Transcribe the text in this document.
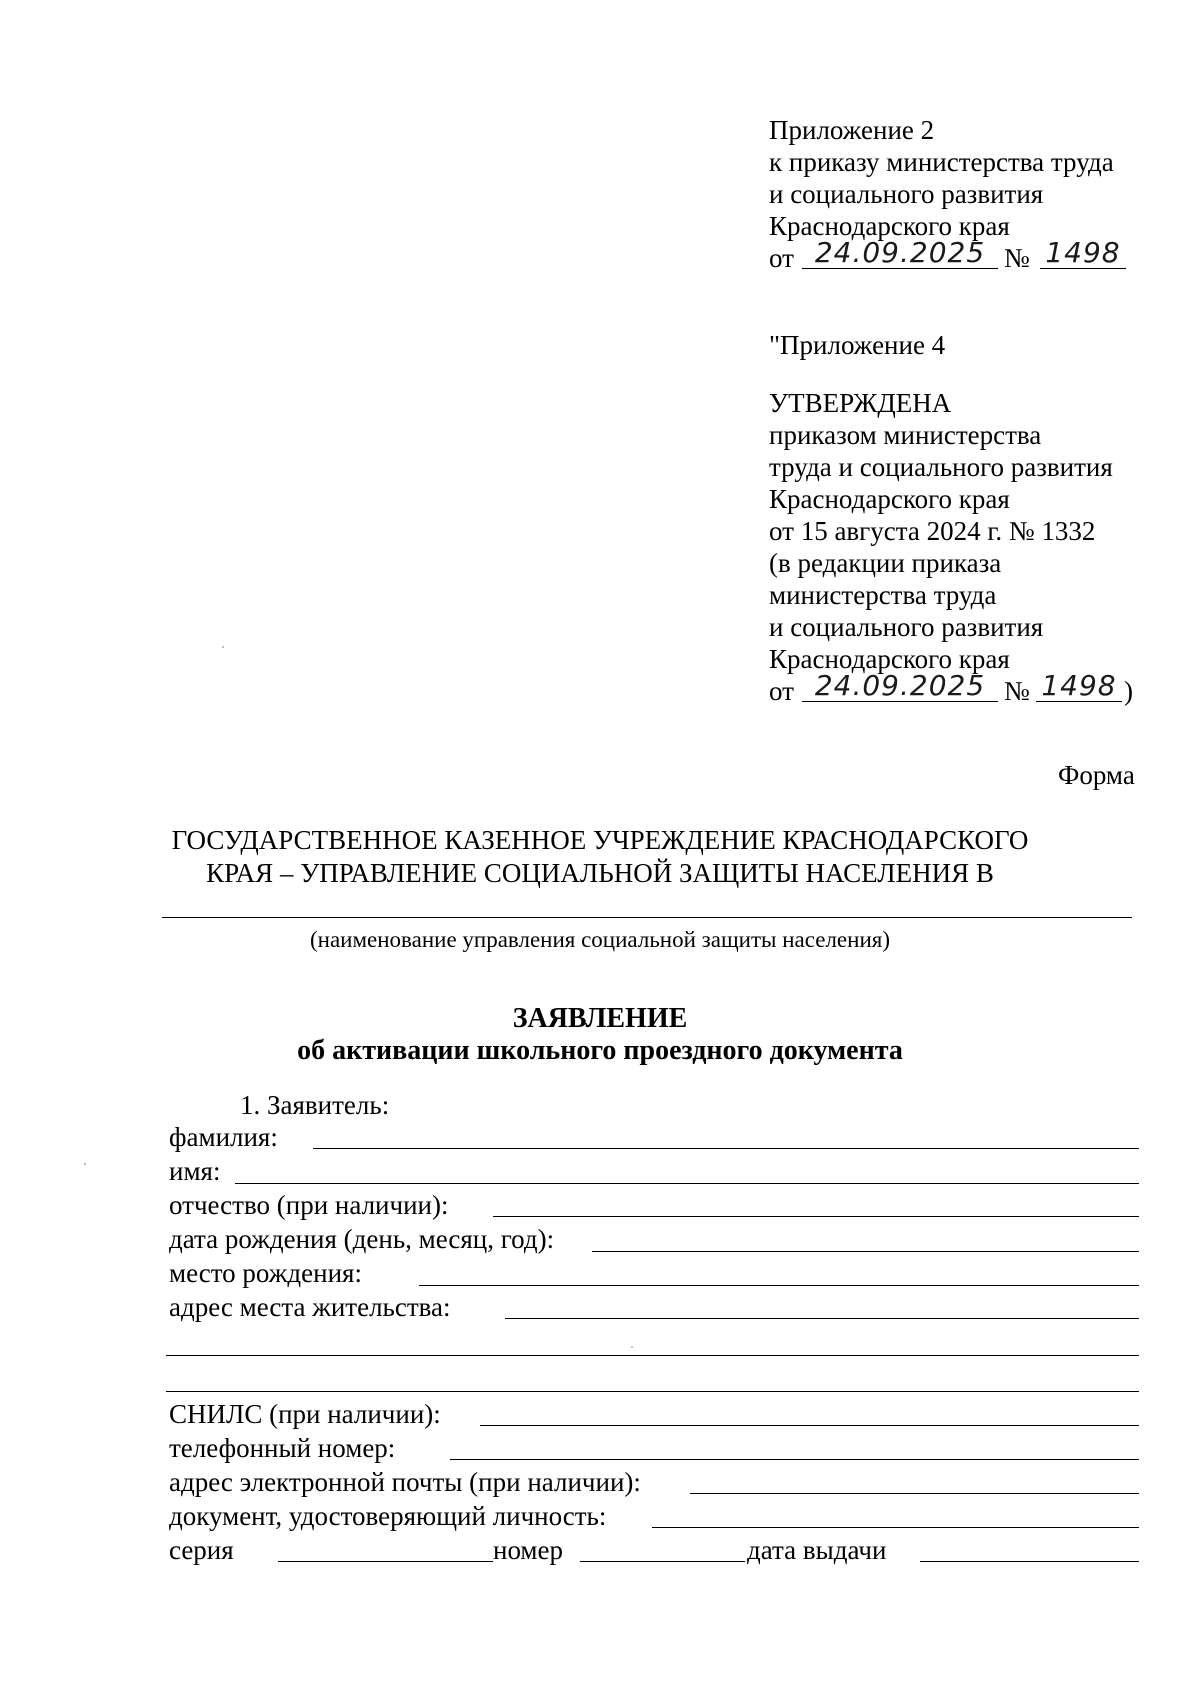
Приложение 2
к приказу министерства труда
и социального развития
Краснодарского края
от 24.09.2025 № 1498
"Приложение 4
УТВЕРЖДЕНА
приказом министерства
труда и социального развития
Краснодарского края
от 15 августа 2024 г. № 1332
(в редакции приказа
министерства труда
и социального развития
Краснодарского края
от 24.09.2025 № 1498 )
Форма
ГОСУДАРСТВЕННОЕ КАЗЕННОЕ УЧРЕЖДЕНИЕ КРАСНОДАРСКОГО
КРАЯ – УПРАВЛЕНИЕ СОЦИАЛЬНОЙ ЗАЩИТЫ НАСЕЛЕНИЯ В
(наименование управления социальной защиты населения)
ЗАЯВЛЕНИЕ
об активации школьного проездного документа
1. Заявитель:
фамилия:
имя:
отчество (при наличии):
дата рождения (день, месяц, год):
место рождения:
адрес места жительства:
СНИЛС (при наличии):
телефонный номер:
адрес электронной почты (при наличии):
документ, удостоверяющий личность:
серия	номер	дата выдачи
